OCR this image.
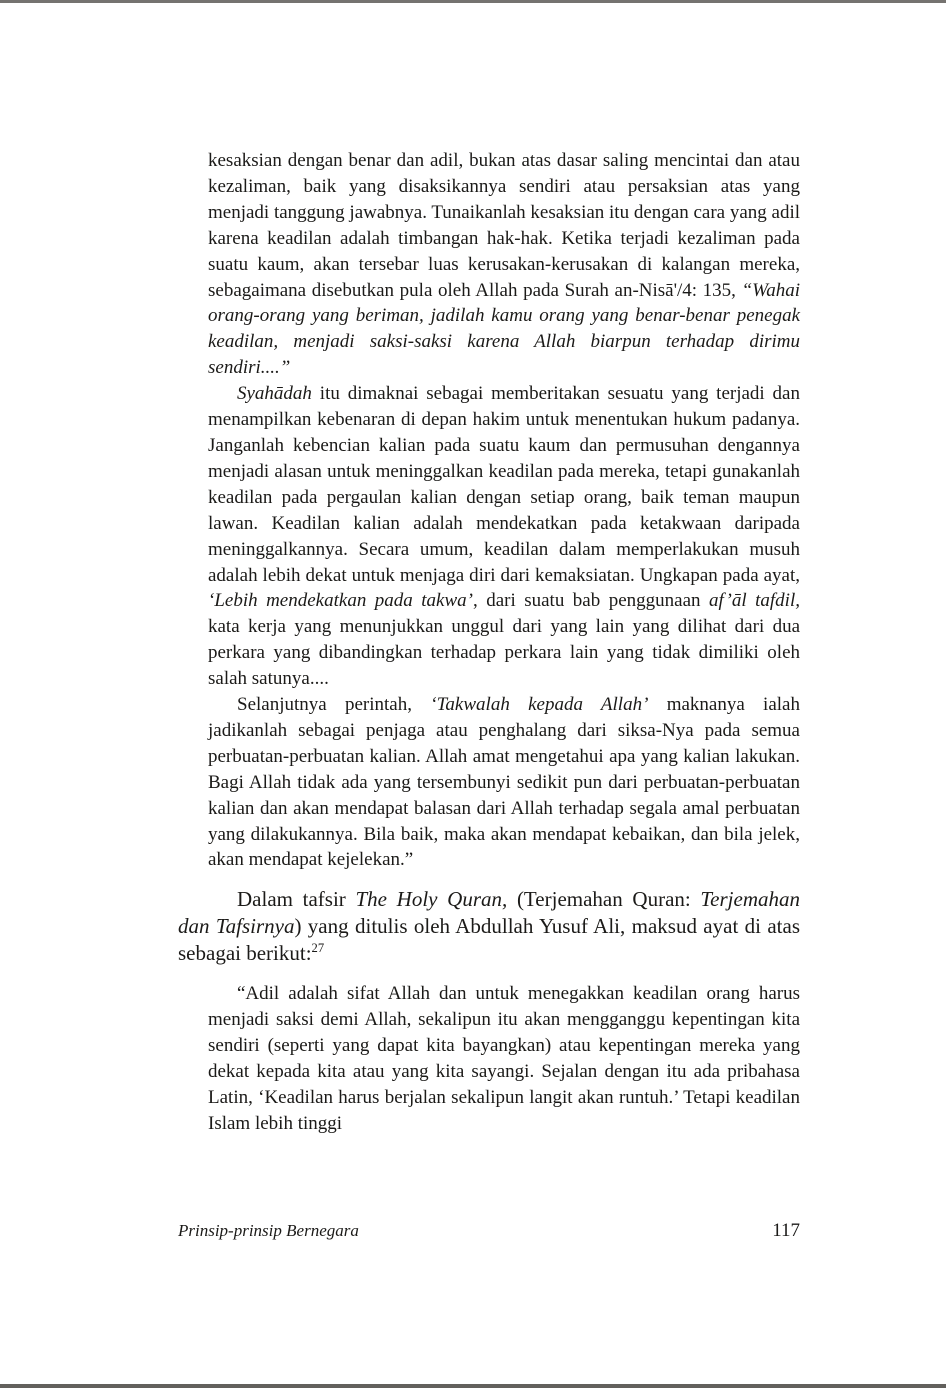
kesaksian dengan benar dan adil, bukan atas dasar saling mencintai dan atau kezaliman, baik yang disaksikannya sendiri atau persaksian atas yang menjadi tanggung jawabnya. Tunaikanlah kesaksian itu dengan cara yang adil karena keadilan adalah timbangan hak-hak. Ketika terjadi kezaliman pada suatu kaum, akan tersebar luas kerusakan-kerusakan di kalangan mereka, sebagaimana disebutkan pula oleh Allah pada Surah an-Nisā'/4: 135, “Wahai orang-orang yang beriman, jadilah kamu orang yang benar-benar penegak keadilan, menjadi saksi-saksi karena Allah biarpun terhadap dirimu sendiri....”

Syahādah itu dimaknai sebagai memberitakan sesuatu yang terjadi dan menampilkan kebenaran di depan hakim untuk menentukan hukum padanya. Janganlah kebencian kalian pada suatu kaum dan permusuhan dengannya menjadi alasan untuk meninggalkan keadilan pada mereka, tetapi gunakanlah keadilan pada pergaulan kalian dengan setiap orang, baik teman maupun lawan. Keadilan kalian adalah mendekatkan pada ketakwaan daripada meninggalkannya. Secara umum, keadilan dalam memperlakukan musuh adalah lebih dekat untuk menjaga diri dari kemaksiatan. Ungkapan pada ayat, ‘Lebih mendekatkan pada takwa’, dari suatu bab penggunaan af’āl tafdil, kata kerja yang menunjukkan unggul dari yang lain yang dilihat dari dua perkara yang dibandingkan terhadap perkara lain yang tidak dimiliki oleh salah satunya....

Selanjutnya perintah, ‘Takwalah kepada Allah’ maknanya ialah jadikanlah sebagai penjaga atau penghalang dari siksa-Nya pada semua perbuatan-perbuatan kalian. Allah amat mengetahui apa yang kalian lakukan. Bagi Allah tidak ada yang tersembunyi sedikit pun dari perbuatan-perbuatan kalian dan akan mendapat balasan dari Allah terhadap segala amal perbuatan yang dilakukannya. Bila baik, maka akan mendapat kebaikan, dan bila jelek, akan mendapat kejelekan.”

Dalam tafsir The Holy Quran, (Terjemahan Quran: Terjemahan dan Tafsirnya) yang ditulis oleh Abdullah Yusuf Ali, maksud ayat di atas sebagai berikut:$^{27}$

“Adil adalah sifat Allah dan untuk menegakkan keadilan orang harus menjadi saksi demi Allah, sekalipun itu akan mengganggu kepentingan kita sendiri (seperti yang dapat kita bayangkan) atau kepentingan mereka yang dekat kepada kita atau yang kita sayangi. Sejalan dengan itu ada pribahasa Latin, ‘Keadilan harus berjalan sekalipun langit akan runtuh.’ Tetapi keadilan Islam lebih tinggi

Prinsip-prinsip Bernegara	117
